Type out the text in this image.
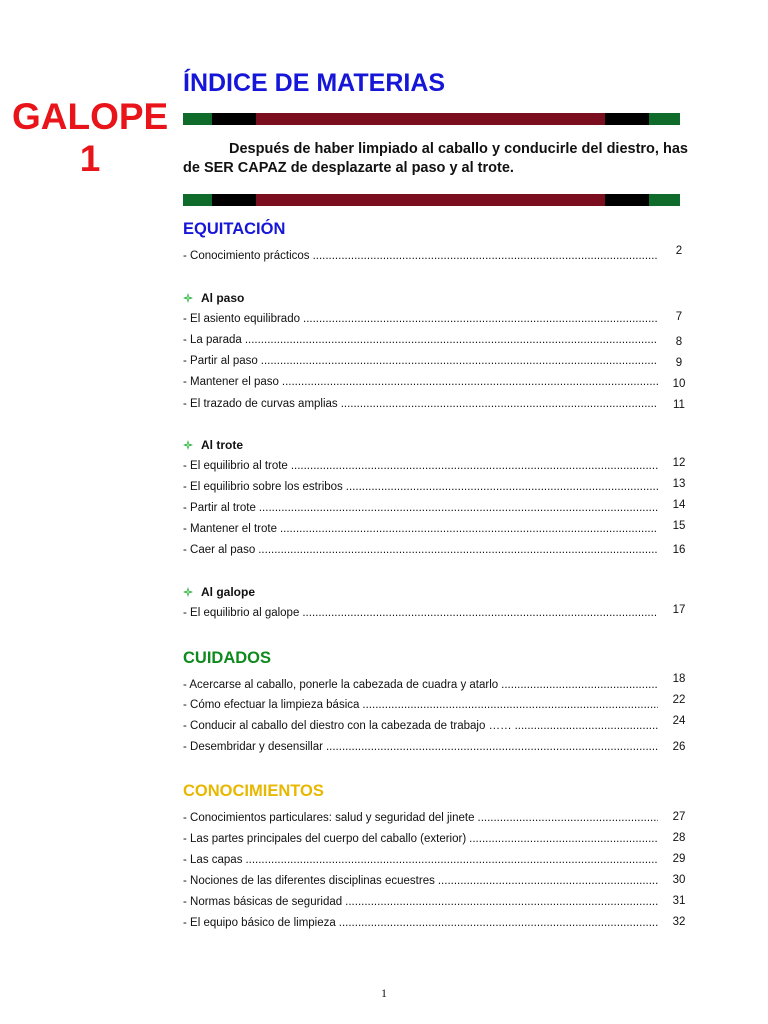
GALOPE
1
ÍNDICE DE MATERIAS

Después de haber limpiado al caballo y conducirle del diestro, has de SER CAPAZ de desplazarte al paso y al trote.

EQUITACIÓN
- Conocimiento prácticos .....	2
Al paso
- El asiento equilibrado .....	7
- La parada .....	8
- Partir al paso .....	9
- Mantener el paso .....	10
- El trazado de curvas amplias .....	11
Al trote
- El equilibrio al trote .....	12
- El equilibrio sobre los estribos .....	13
- Partir al trote .....	14
- Mantener el trote .....	15
- Caer al paso .....	16
Al galope
- El equilibrio al galope .....	17
CUIDADOS
- Acercarse al caballo, ponerle la cabezada de cuadra y atarlo .....	18
- Cómo efectuar la limpieza básica .....	22
- Conducir al caballo del diestro con la cabezada de trabajo …… .....	24
- Desembridar y desensillar .....	26
CONOCIMIENTOS
- Conocimientos particulares: salud y seguridad del jinete .....	27
- Las partes principales del cuerpo del caballo (exterior) .....	28
- Las capas .....	29
- Nociones de las diferentes disciplinas ecuestres .....	30
- Normas básicas de seguridad .....	31
- El equipo básico de limpieza .....	32
1
